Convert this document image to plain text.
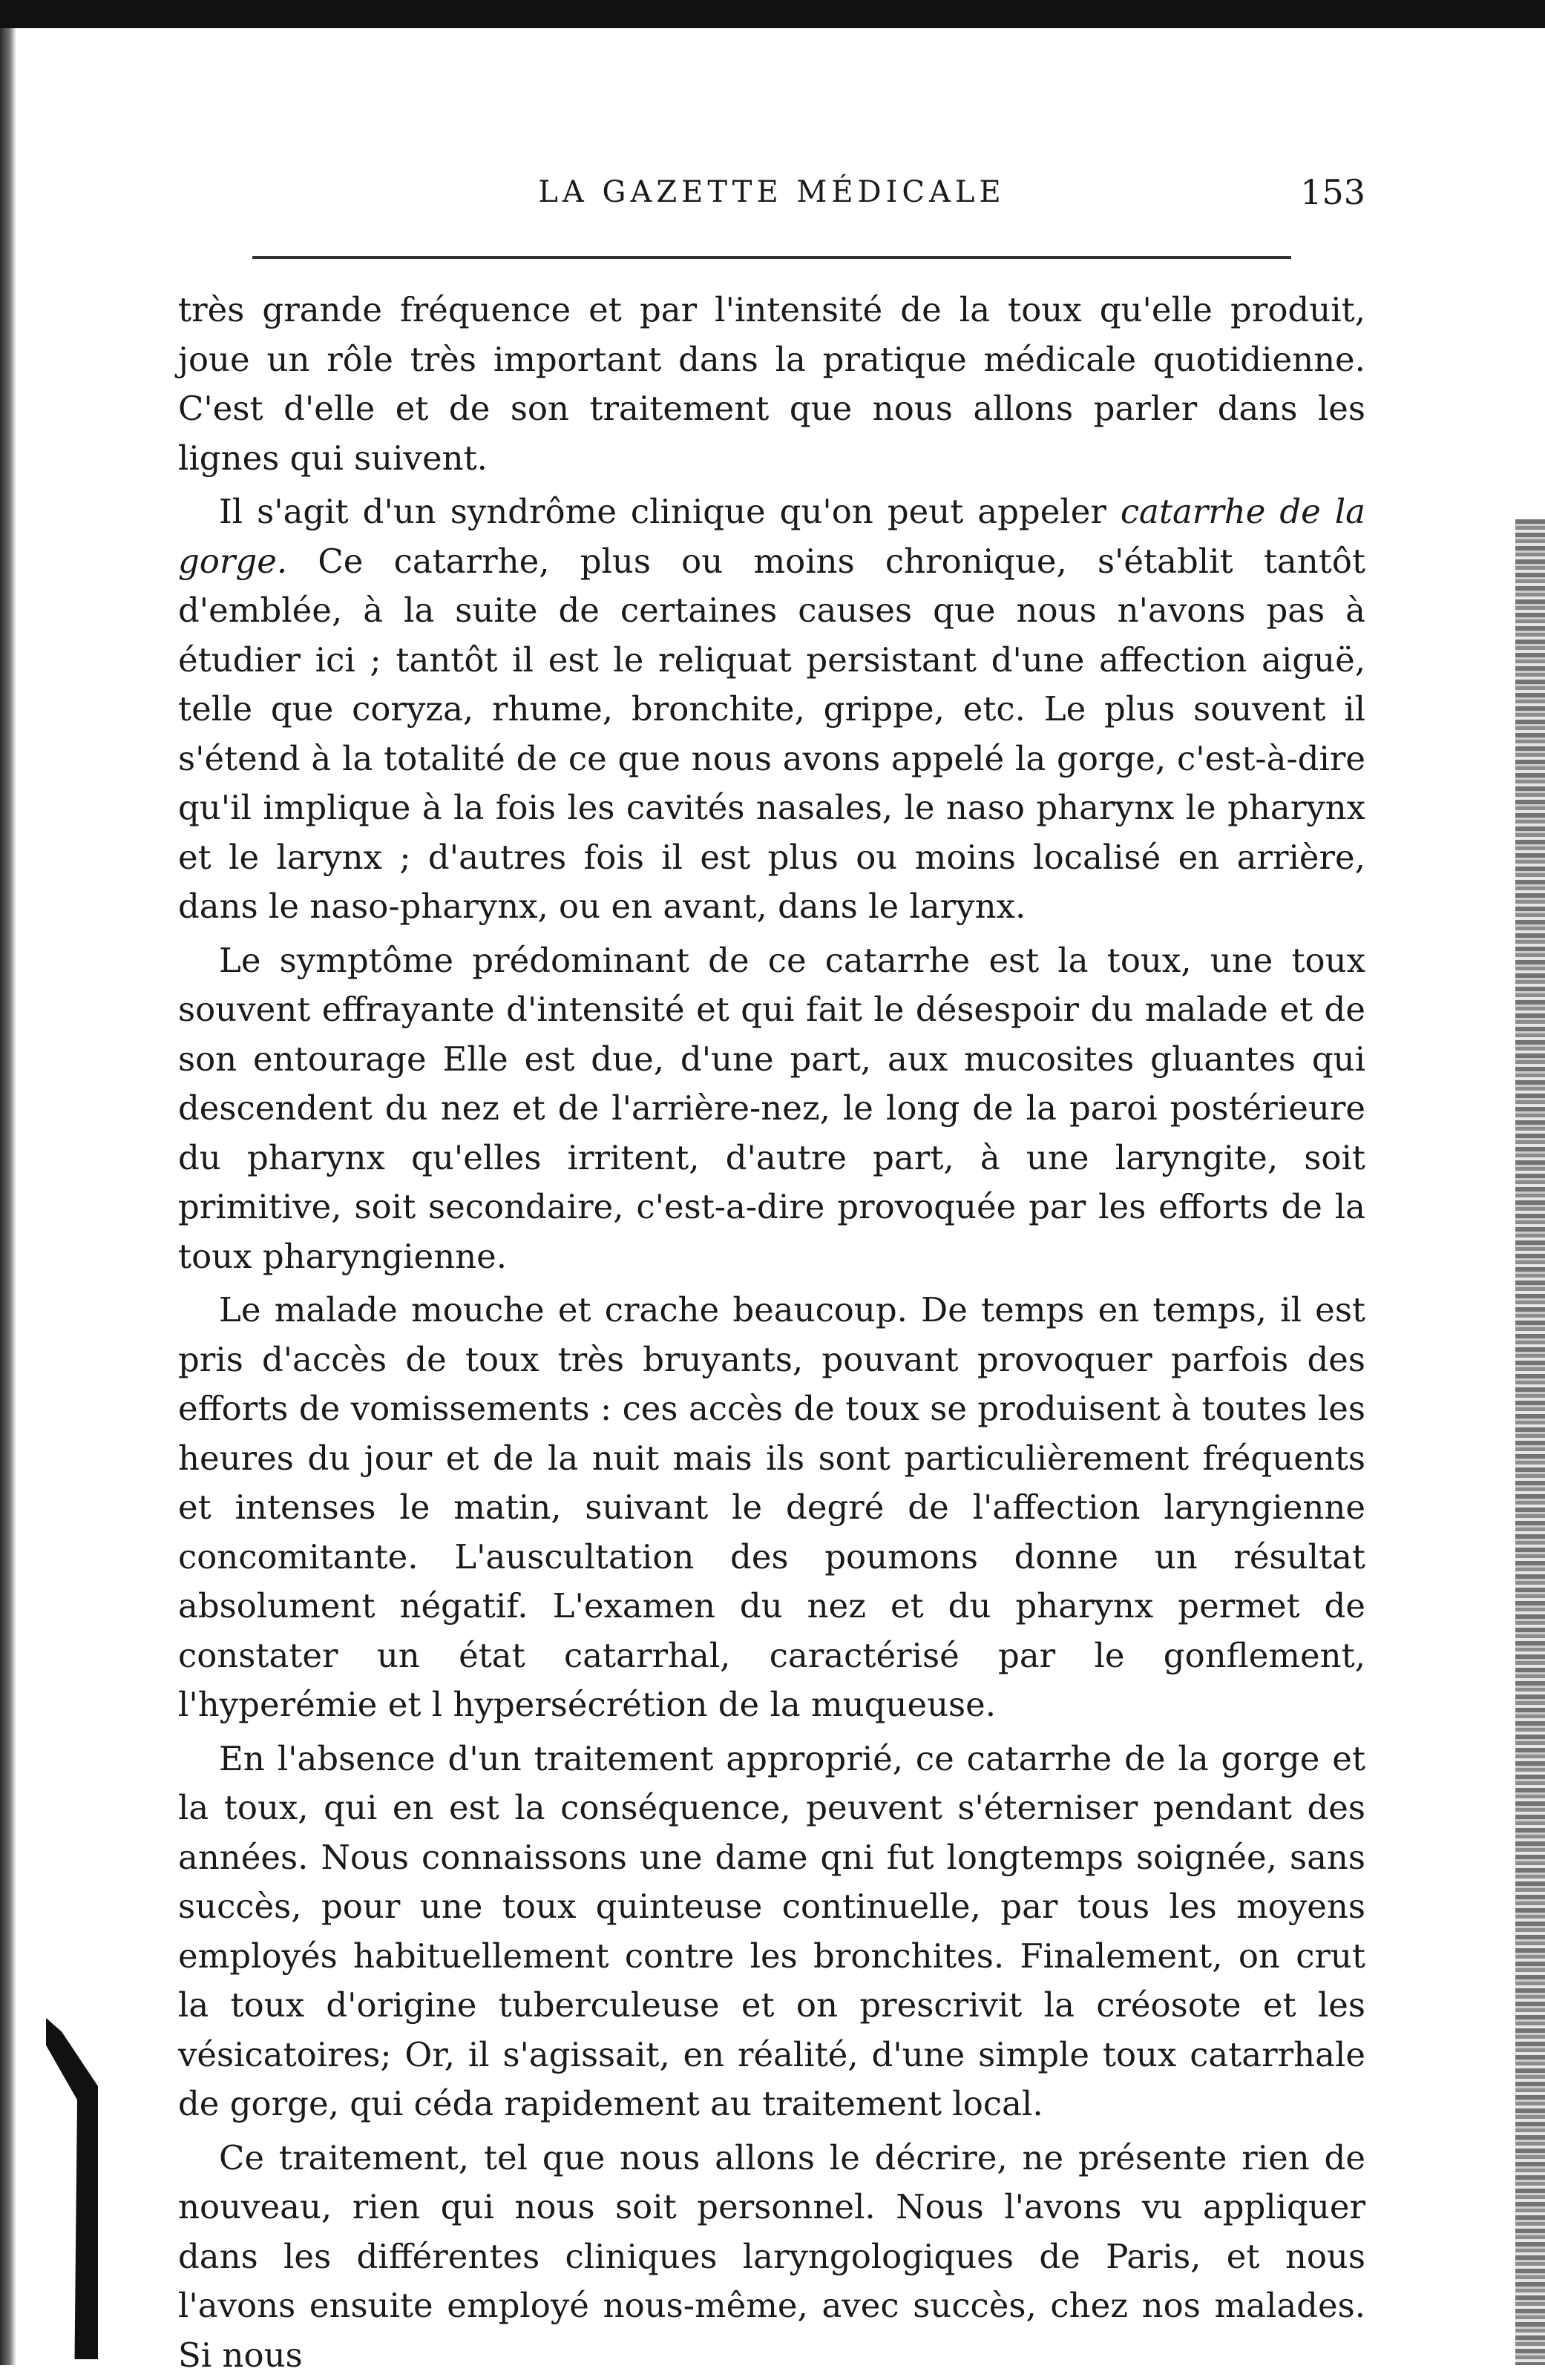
LA GAZETTE MÉDICALE	153

très grande fréquence et par l'intensité de la toux qu'elle produit, joue un rôle très important dans la pratique médicale quotidienne. C'est d'elle et de son traitement que nous allons parler dans les lignes qui suivent.

Il s'agit d'un syndrôme clinique qu'on peut appeler catarrhe de la gorge. Ce catarrhe, plus ou moins chronique, s'établit tantôt d'emblée, à la suite de certaines causes que nous n'avons pas à étudier ici ; tantôt il est le reliquat persistant d'une affection aiguë, telle que coryza, rhume, bronchite, grippe, etc. Le plus souvent il s'étend à la totalité de ce que nous avons appelé la gorge, c'est-à-dire qu'il implique à la fois les cavités nasales, le naso pharynx le pharynx et le larynx ; d'autres fois il est plus ou moins localisé en arrière, dans le naso-pharynx, ou en avant, dans le larynx.

Le symptôme prédominant de ce catarrhe est la toux, une toux souvent effrayante d'intensité et qui fait le désespoir du malade et de son entourage Elle est due, d'une part, aux mucosites gluantes qui descendent du nez et de l'arrière-nez, le long de la paroi postérieure du pharynx qu'elles irritent, d'autre part, à une laryngite, soit primitive, soit secondaire, c'est-a-dire provoquée par les efforts de la toux pharyngienne.

Le malade mouche et crache beaucoup. De temps en temps, il est pris d'accès de toux très bruyants, pouvant provoquer parfois des efforts de vomissements : ces accès de toux se produisent à toutes les heures du jour et de la nuit mais ils sont particulièrement fréquents et intenses le matin, suivant le degré de l'affection laryngienne concomitante. L'auscultation des poumons donne un résultat absolument négatif. L'examen du nez et du pharynx permet de constater un état catarrhal, caractérisé par le gonflement, l'hyperémie et l hypersécrétion de la muqueuse.

En l'absence d'un traitement approprié, ce catarrhe de la gorge et la toux, qui en est la conséquence, peuvent s'éterniser pendant des années. Nous connaissons une dame qni fut longtemps soignée, sans succès, pour une toux quinteuse continuelle, par tous les moyens employés habituellement contre les bronchites. Finalement, on crut la toux d'origine tuberculeuse et on prescrivit la créosote et les vésicatoires; Or, il s'agissait, en réalité, d'une simple toux catarrhale de gorge, qui céda rapidement au traitement local.

Ce traitement, tel que nous allons le décrire, ne présente rien de nouveau, rien qui nous soit personnel. Nous l'avons vu appliquer dans les différentes cliniques laryngologiques de Paris, et nous l'avons ensuite employé nous-même, avec succès, chez nos malades. Si nous
